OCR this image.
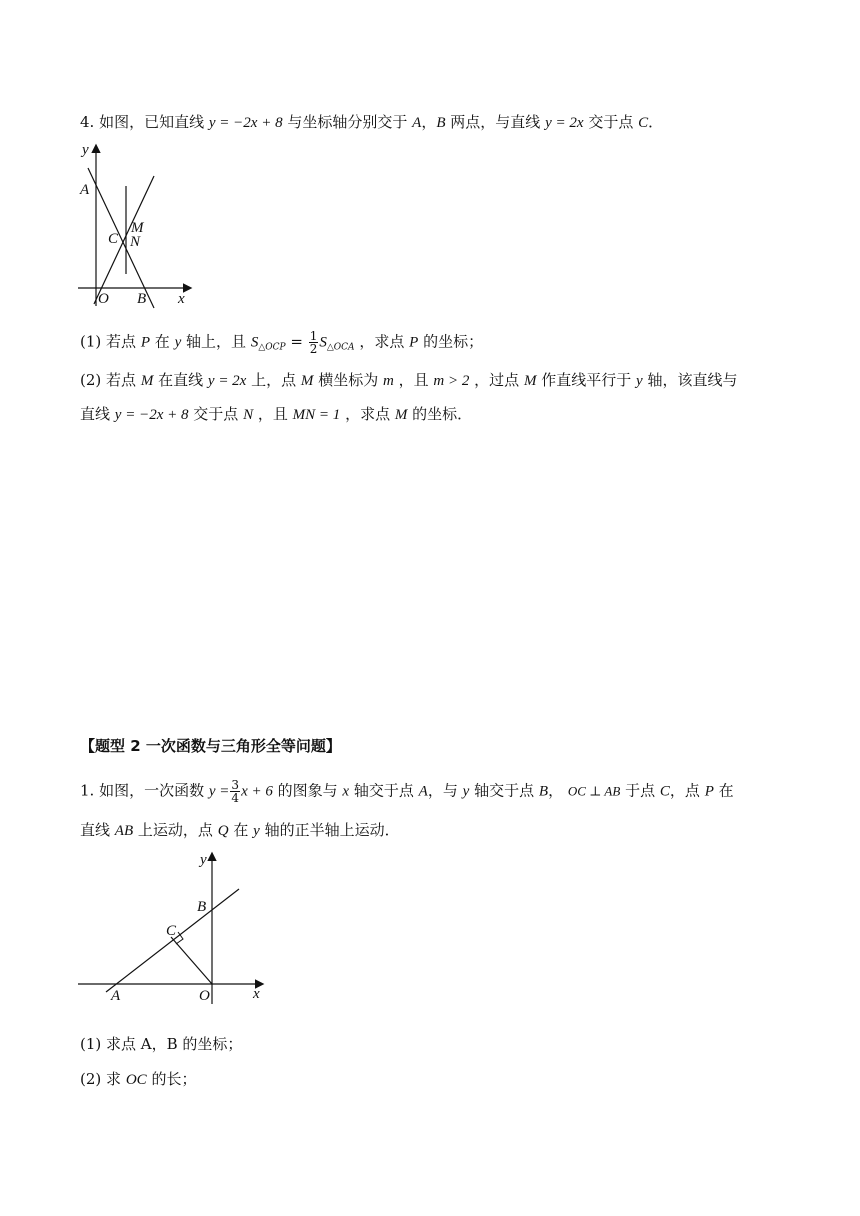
4. 如图，已知直线 y = −2x + 8 与坐标轴分别交于 A，B 两点，与直线 y = 2x 交于点 C．
y
A
M
C N
O B x
(1) 若点 P 在 y 轴上，且 $S_{\triangle OCP} = \frac{1}{2} S_{\triangle OCA}$ ，求点 P 的坐标；
(2) 若点 M 在直线 y = 2x 上，点 M 横坐标为 m ，且 m > 2 ，过点 M 作直线平行于 y 轴，该直线与
直线 y = −2x + 8 交于点 N ，且 MN = 1 ，求点 M 的坐标．
【题型 2 一次函数与三角形全等问题】
1. 如图，一次函数 $y = \frac{3}{4}$ x + 6 的图象与 x 轴交于点 A，与 y 轴交于点 B， OC ⊥ AB 于点 C，点 P 在
直线 AB 上运动，点 Q 在 y 轴的正半轴上运动．
y
B
C
A	O	x
(1) 求点 A，B 的坐标；
(2) 求 OC 的长；
